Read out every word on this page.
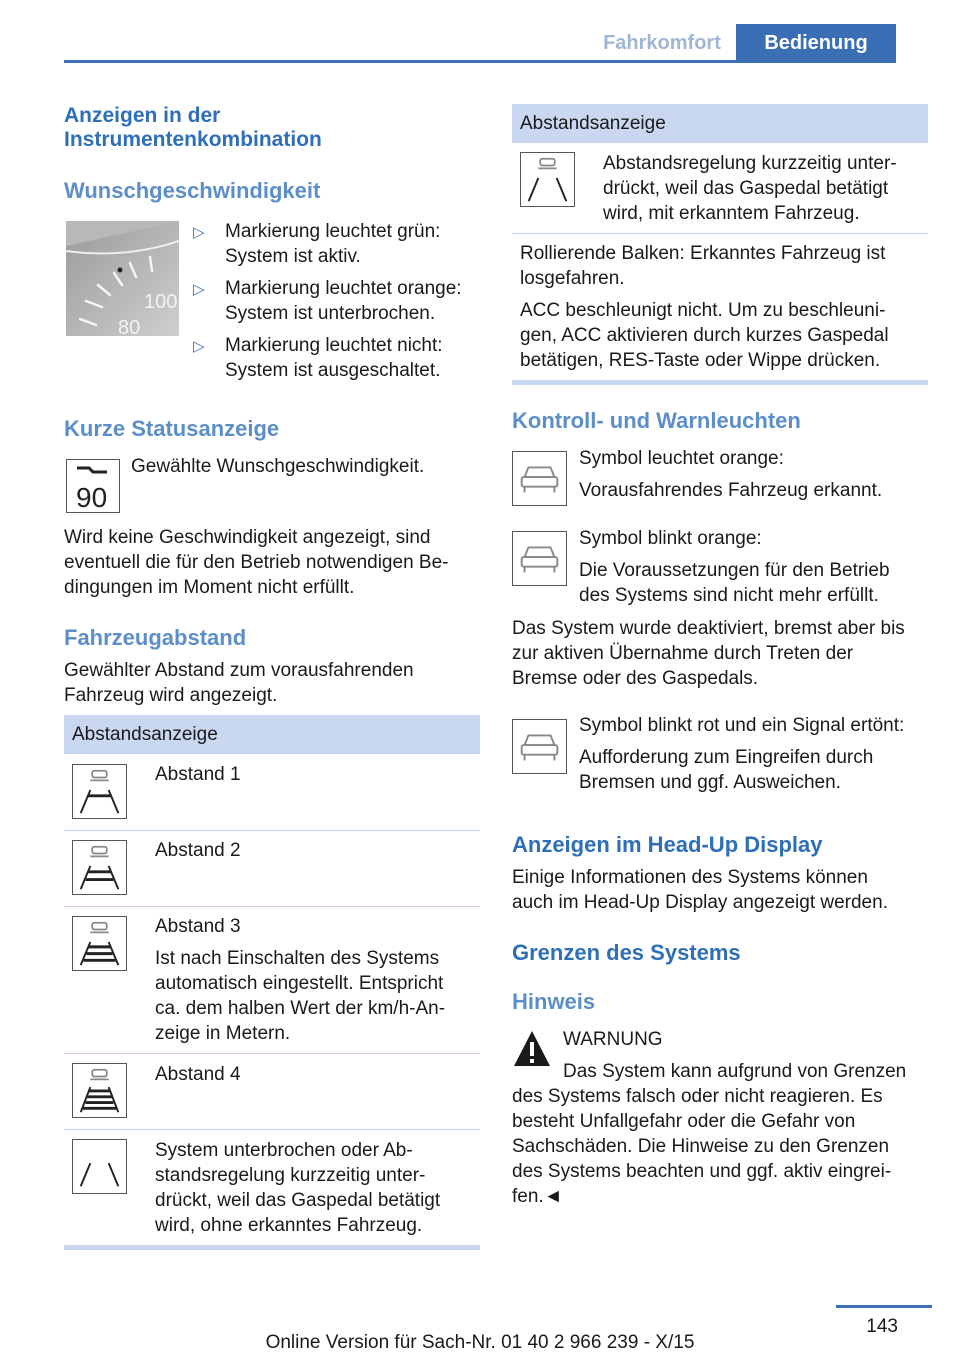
Fahrkomfort	Bedienung
Anzeigen in der
Instrumentenkombination
Wunschgeschwindigkeit
100
80
▷ Markierung leuchtet grün:
System ist aktiv.
▷ Markierung leuchtet orange:
System ist unterbrochen.
▷ Markierung leuchtet nicht:
System ist ausgeschaltet.
Kurze Statusanzeige
90
Gewählte Wunschgeschwindigkeit.
Wird keine Geschwindigkeit angezeigt, sind
eventuell die für den Betrieb notwendigen Be‐
dingungen im Moment nicht erfüllt.
Fahrzeugabstand
Gewählter Abstand zum vorausfahrenden
Fahrzeug wird angezeigt.
Abstandsanzeige
Abstand 1
Abstand 2
Abstand 3
Ist nach Einschalten des Systems
automatisch eingestellt. Entspricht
ca. dem halben Wert der km/h-An‐
zeige in Metern.
Abstand 4
System unterbrochen oder Ab‐
standsregelung kurzzeitig unter‐
drückt, weil das Gaspedal betätigt
wird, ohne erkanntes Fahrzeug.
Abstandsanzeige
Abstandsregelung kurzzeitig unter‐
drückt, weil das Gaspedal betätigt
wird, mit erkanntem Fahrzeug.
Rollierende Balken: Erkanntes Fahrzeug ist
losgefahren.
ACC beschleunigt nicht. Um zu beschleuni‐
gen, ACC aktivieren durch kurzes Gaspedal
betätigen, RES-Taste oder Wippe drücken.
Kontroll- und Warnleuchten
Symbol leuchtet orange:
Vorausfahrendes Fahrzeug erkannt.
Symbol blinkt orange:
Die Voraussetzungen für den Betrieb
des Systems sind nicht mehr erfüllt.
Das System wurde deaktiviert, bremst aber bis
zur aktiven Übernahme durch Treten der
Bremse oder des Gaspedals.
Symbol blinkt rot und ein Signal ertönt:
Aufforderung zum Eingreifen durch
Bremsen und ggf. Ausweichen.
Anzeigen im Head-Up Display
Einige Informationen des Systems können
auch im Head-Up Display angezeigt werden.
Grenzen des Systems
Hinweis
WARNUNG
Das System kann aufgrund von Grenzen
des Systems falsch oder nicht reagieren. Es
besteht Unfallgefahr oder die Gefahr von
Sachschäden. Die Hinweise zu den Grenzen
des Systems beachten und ggf. aktiv eingrei‐
fen.◄
143
Online Version für Sach-Nr. 01 40 2 966 239 - X/15
